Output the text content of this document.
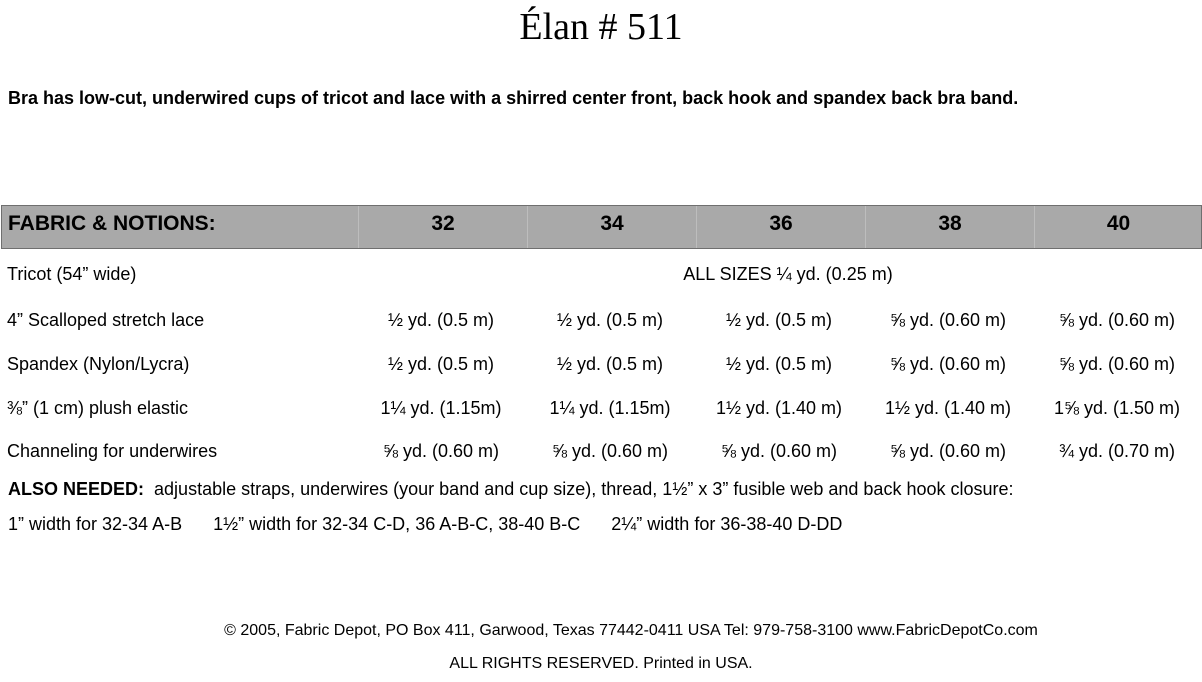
Élan # 511
Bra has low-cut, underwired cups of tricot and lace with a shirred center front, back hook and spandex back bra band.
FABRIC & NOTIONS:	32	34	36	38	40
Tricot (54” wide)	ALL SIZES ¼ yd. (0.25 m)
4” Scalloped stretch lace	½ yd. (0.5 m)	½ yd. (0.5 m)	½ yd. (0.5 m)	⅝ yd. (0.60 m)	⅝ yd. (0.60 m)
Spandex (Nylon/Lycra)	½ yd. (0.5 m)	½ yd. (0.5 m)	½ yd. (0.5 m)	⅝ yd. (0.60 m)	⅝ yd. (0.60 m)
⅜” (1 cm) plush elastic	1¼ yd. (1.15m)	1¼ yd. (1.15m)	1½ yd. (1.40 m)	1½ yd. (1.40 m)	1⅝ yd. (1.50 m)
Channeling for underwires	⅝ yd. (0.60 m)	⅝ yd. (0.60 m)	⅝ yd. (0.60 m)	⅝ yd. (0.60 m)	¾ yd. (0.70 m)
ALSO NEEDED: adjustable straps, underwires (your band and cup size), thread, 1½” x 3” fusible web and back hook closure:
1” width for 32-34 A-B 1½” width for 32-34 C-D, 36 A-B-C, 38-40 B-C 2¼” width for 36-38-40 D-DD
© 2005, Fabric Depot, PO Box 411, Garwood, Texas 77442-0411 USA Tel: 979-758-3100 www.FabricDepotCo.com
ALL RIGHTS RESERVED. Printed in USA.
